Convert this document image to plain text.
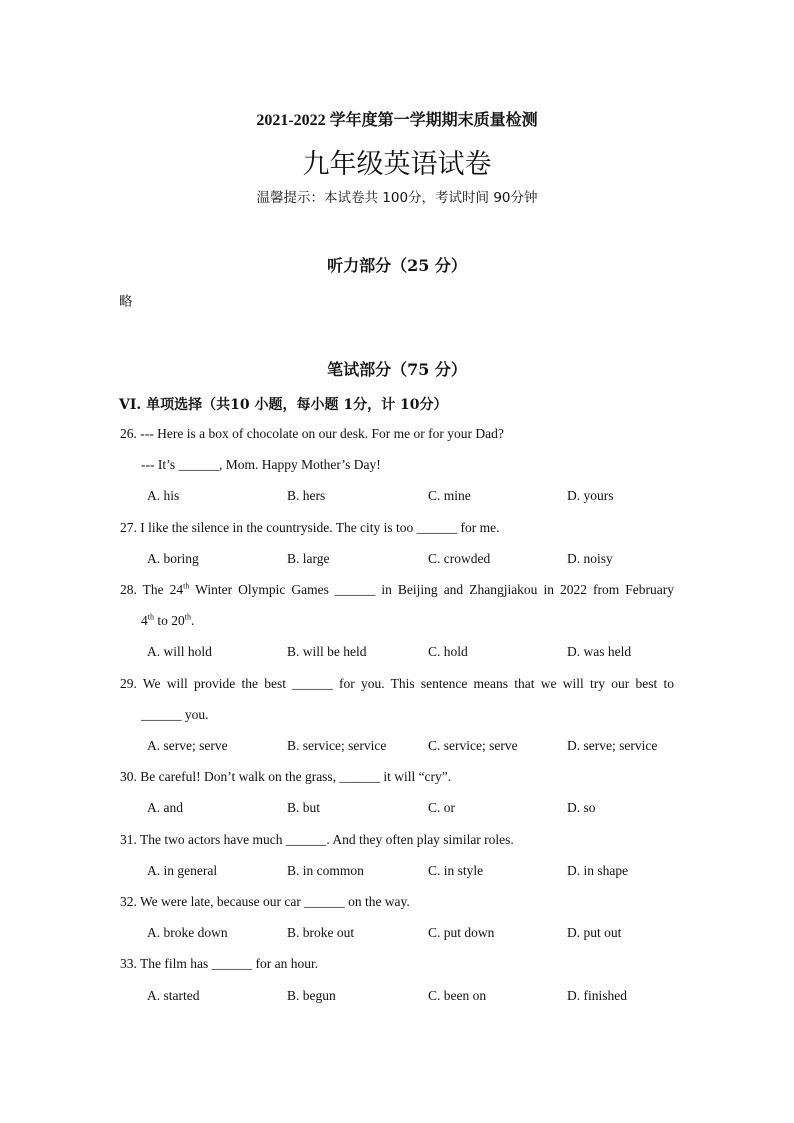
2021-2022 学年度第一学期期末质量检测
九年级英语试卷
温馨提示：本试卷共 100分，考试时间 90分钟
听力部分（25 分）
略
笔试部分（75 分）
VI. 单项选择（共10 小题，每小题 1分，计 10分）
26. --- Here is a box of chocolate on our desk. For me or for your Dad?
--- It’s ______, Mom. Happy Mother’s Day!
A. his	B. hers	C. mine	D. yours
27. I like the silence in the countryside. The city is too ______ for me.
A. boring	B. large	C. crowded	D. noisy
28. The 24th Winter Olympic Games ______ in Beijing and Zhangjiakou in 2022 from February
4th to 20th.
A. will hold	B. will be held	C. hold	D. was held
29. We will provide the best ______ for you. This sentence means that we will try our best to
______ you.
A. serve; serve	B. service; service	C. service; serve	D. serve; service
30. Be careful! Don’t walk on the grass, ______ it will “cry”.
A. and	B. but	C. or	D. so
31. The two actors have much ______. And they often play similar roles.
A. in general	B. in common	C. in style	D. in shape
32. We were late, because our car ______ on the way.
A. broke down	B. broke out	C. put down	D. put out
33. The film has ______ for an hour.
A. started	B. begun	C. been on	D. finished
